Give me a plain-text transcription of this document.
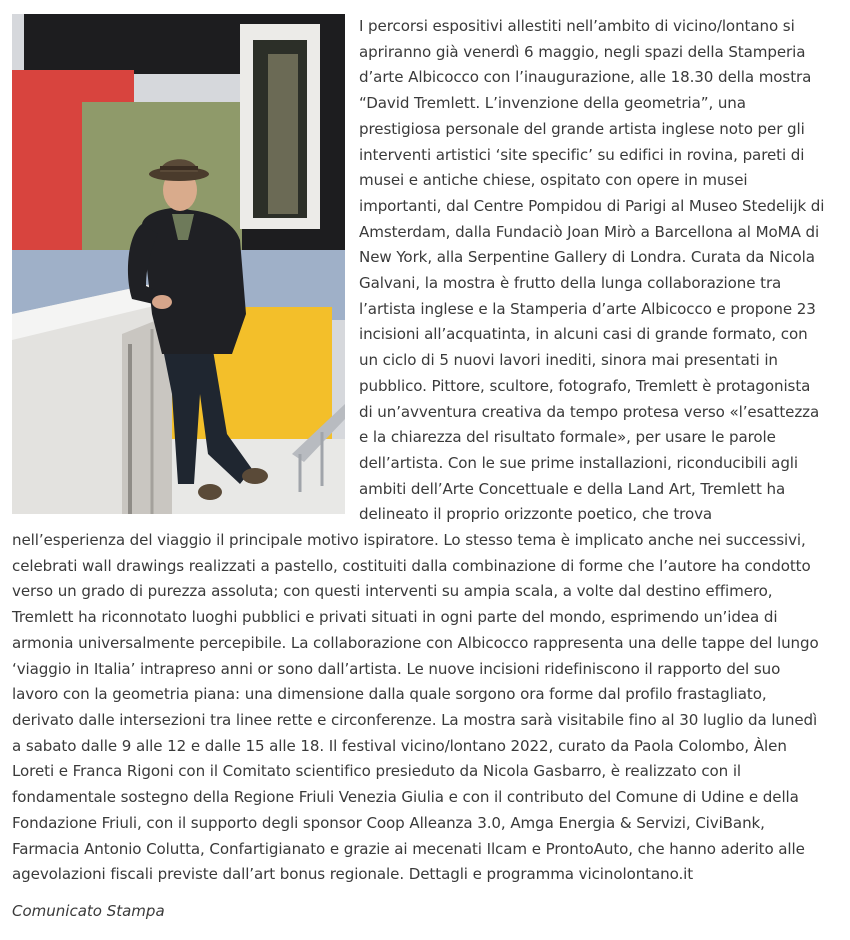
I percorsi espositivi allestiti nell’ambito di vicino/lontano si apriranno già venerdì 6 maggio, negli spazi della Stamperia d’arte Albicocco con l’inaugurazione, alle 18.30 della mostra “David Tremlett. L’invenzione della geometria”, una prestigiosa personale del grande artista inglese noto per gli interventi artistici ‘site specific’ su edifici in rovina, pareti di musei e antiche chiese, ospitato con opere in musei importanti, dal Centre Pompidou di Parigi al Museo Stedelijk di Amsterdam, dalla Fundaciò Joan Mirò a Barcellona al MoMA di New York, alla Serpentine Gallery di Londra. Curata da Nicola Galvani, la mostra è frutto della lunga collaborazione tra l’artista inglese e la Stamperia d’arte Albicocco e propone 23 incisioni all’acquatinta, in alcuni casi di grande formato, con un ciclo di 5 nuovi lavori inediti, sinora mai presentati in pubblico. Pittore, scultore, fotografo, Tremlett è protagonista di un’avventura creativa da tempo protesa verso «l’esattezza e la chiarezza del risultato formale», per usare le parole dell’artista. Con le sue prime installazioni, riconducibili agli ambiti dell’Arte Concettuale e della Land Art, Tremlett ha delineato il proprio orizzonte poetico, che trova nell’esperienza del viaggio il principale motivo ispiratore. Lo stesso tema è implicato anche nei successivi, celebrati wall drawings realizzati a pastello, costituiti dalla combinazione di forme che l’autore ha condotto verso un grado di purezza assoluta; con questi interventi su ampia scala, a volte dal destino effimero, Tremlett ha riconnotato luoghi pubblici e privati situati in ogni parte del mondo, esprimendo un’idea di armonia universalmente percepibile. La collaborazione con Albicocco rappresenta una delle tappe del lungo ‘viaggio in Italia’ intrapreso anni or sono dall’artista. Le nuove incisioni ridefiniscono il rapporto del suo lavoro con la geometria piana: una dimensione dalla quale sorgono ora forme dal profilo frastagliato, derivato dalle intersezioni tra linee rette e circonferenze. La mostra sarà visitabile fino al 30 luglio da lunedì a sabato dalle 9 alle 12 e dalle 15 alle 18. Il festival vicino/lontano 2022, curato da Paola Colombo, Àlen Loreti e Franca Rigoni con il Comitato scientifico presieduto da Nicola Gasbarro, è realizzato con il fondamentale sostegno della Regione Friuli Venezia Giulia e con il contributo del Comune di Udine e della Fondazione Friuli, con il supporto degli sponsor Coop Alleanza 3.0, Amga Energia & Servizi, CiviBank, Farmacia Antonio Colutta, Confartigianato e grazie ai mecenati Ilcam e ProntoAuto, che hanno aderito alle agevolazioni fiscali previste dall’art bonus regionale. Dettagli e programma vicinolontano.it

Comunicato Stampa
